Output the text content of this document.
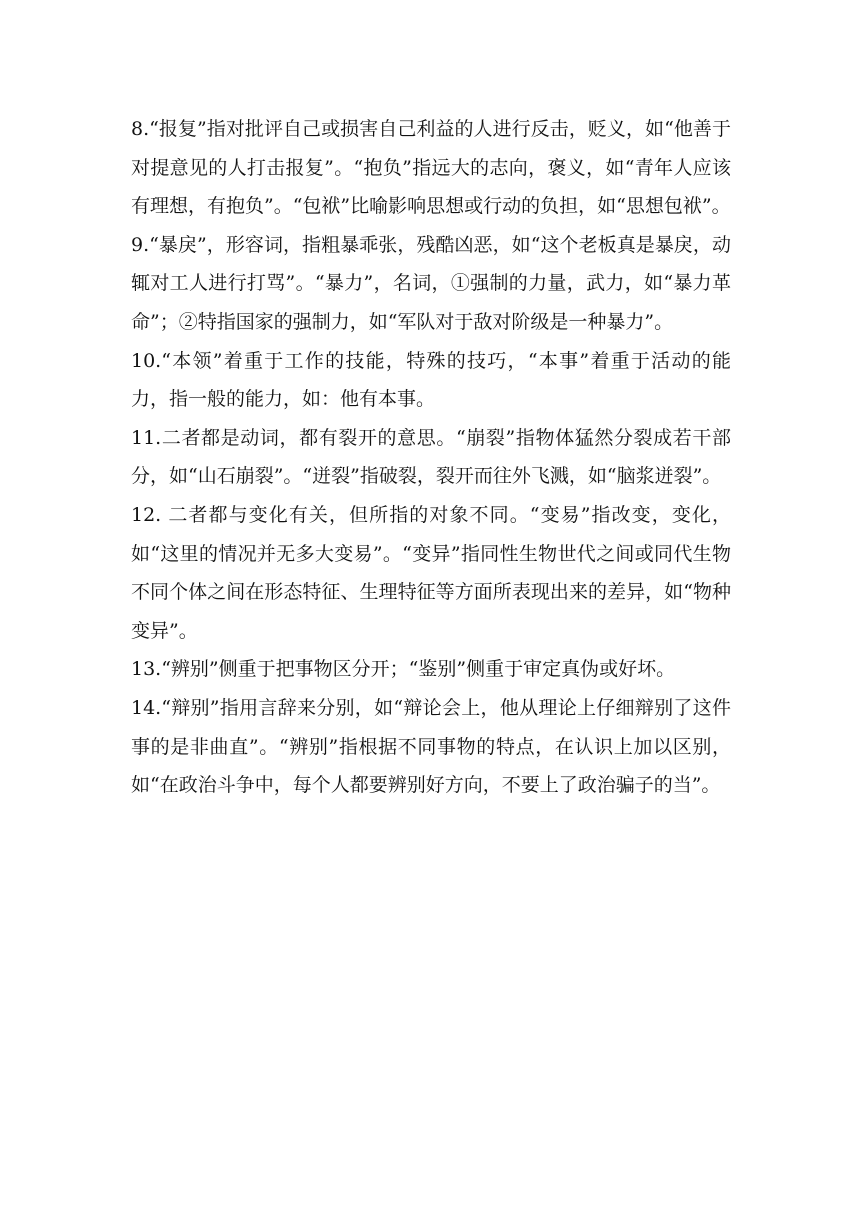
8.“报复”指对批评自己或损害自己利益的人进行反击，贬义，如“他善于对提意见的人打击报复”。“抱负”指远大的志向，褒义，如“青年人应该有理想，有抱负”。“包袱”比喻影响思想或行动的负担，如“思想包袱”。

9.“暴戾”，形容词，指粗暴乖张，残酷凶恶，如“这个老板真是暴戾，动辄对工人进行打骂”。“暴力”，名词，①强制的力量，武力，如“暴力革命”；②特指国家的强制力，如“军队对于敌对阶级是一种暴力”。

10.“本领”着重于工作的技能，特殊的技巧，“本事”着重于活动的能力，指一般的能力，如：他有本事。

11.二者都是动词，都有裂开的意思。“崩裂”指物体猛然分裂成若干部分，如“山石崩裂”。“迸裂”指破裂，裂开而往外飞溅，如“脑浆迸裂”。

12. 二者都与变化有关，但所指的对象不同。“变易”指改变，变化，如“这里的情况并无多大变易”。“变异”指同性生物世代之间或同代生物不同个体之间在形态特征、生理特征等方面所表现出来的差异，如“物种变异”。

13.“辨别”侧重于把事物区分开；“鉴别”侧重于审定真伪或好坏。

14.“辩别”指用言辞来分别，如“辩论会上，他从理论上仔细辩别了这件事的是非曲直”。“辨别”指根据不同事物的特点，在认识上加以区别，如“在政治斗争中，每个人都要辨别好方向，不要上了政治骗子的当”。
